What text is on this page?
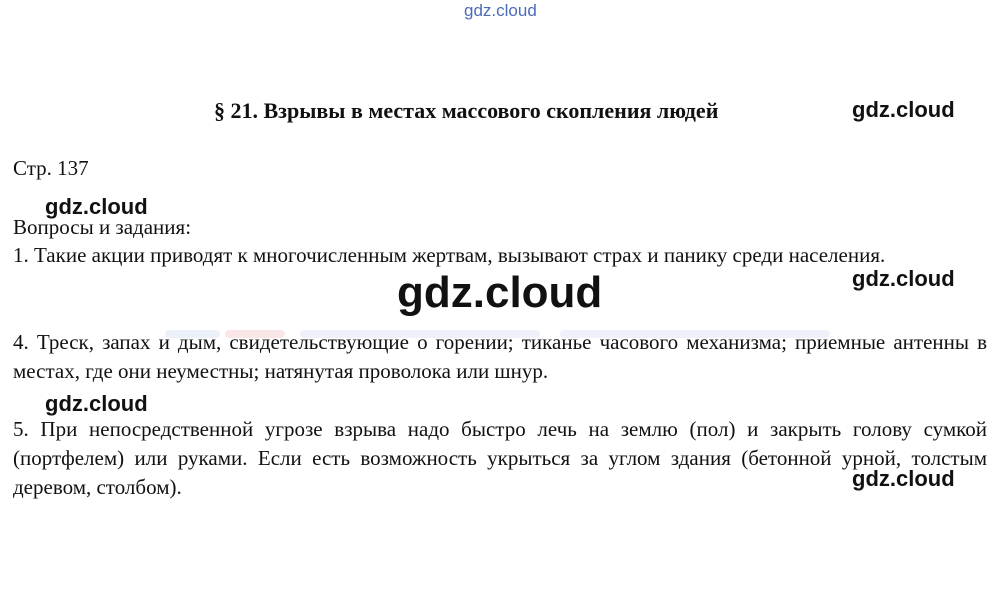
gdz.cloud
§ 21. Взрывы в местах массового скопления людей
Стр. 137
Вопросы и задания:
1. Такие акции приводят к многочисленным жертвам, вызывают страх и панику среди населения.
4. Треск, запах и дым, свидетельствующие о горении; тиканье часового механизма; приемные антенны в местах, где они неуместны; натянутая проволока или шнур.
5. При непосредственной угрозе взрыва надо быстро лечь на землю (пол) и закрыть голову сумкой (портфелем) или руками. Если есть возможность укрыться за углом здания (бетонной урной, толстым деревом, столбом).
gdz.cloud
gdz.cloud
gdz.cloud
gdz.cloud
gdz.cloud
gdz.cloud
